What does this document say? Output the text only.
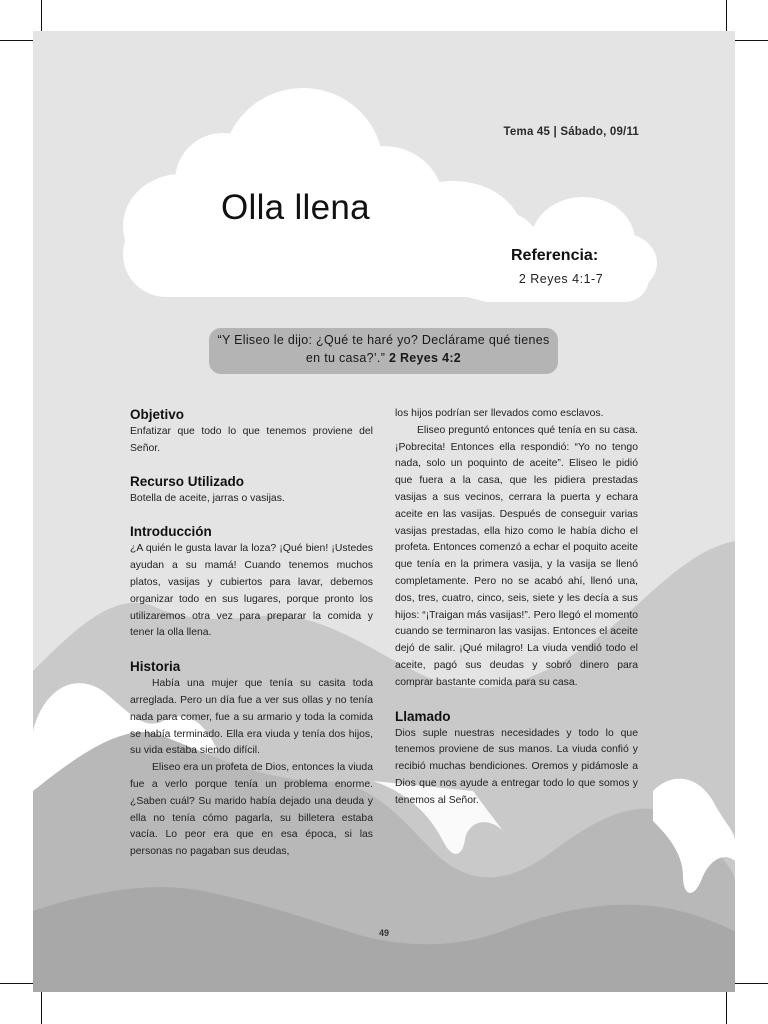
Tema 45 | Sábado, 09/11
Olla llena
Referencia:
2 Reyes 4:1-7
“Y Eliseo le dijo: ¿Qué te haré yo? Declárame qué tienes en tu casa?’.” 2 Reyes 4:2
Objetivo

Enfatizar que todo lo que tenemos proviene del Señor.

Recurso Utilizado

Botella de aceite, jarras o vasijas.

Introducción

¿A quién le gusta lavar la loza? ¡Qué bien! ¡Ustedes ayudan a su mamá! Cuando tenemos muchos platos, vasijas y cubiertos para lavar, debemos organizar todo en sus lugares, porque pronto los utilizaremos otra vez para preparar la comida y tener la olla llena.

Historia

Había una mujer que tenía su casita toda arreglada. Pero un día fue a ver sus ollas y no tenía nada para comer, fue a su armario y toda la comida se había terminado. Ella era viuda y tenía dos hijos, su vida estaba siendo difícil.

Eliseo era un profeta de Dios, entonces la viuda fue a verlo porque tenía un problema enorme. ¿Saben cuál? Su marido había dejado una deuda y ella no tenía cómo pagarla, su billetera estaba vacía. Lo peor era que en esa época, si las personas no pagaban sus deudas,

los hijos podrían ser llevados como esclavos.

Eliseo preguntó entonces qué tenía en su casa. ¡Pobrecita! Entonces ella respondió: “Yo no tengo nada, solo un poquinto de aceite”. Eliseo le pidió que fuera a la casa, que les pidiera prestadas vasijas a sus vecinos, cerrara la puerta y echara aceite en las vasijas. Después de conseguir varias vasijas prestadas, ella hizo como le había dicho el profeta. Entonces comenzó a echar el poquito aceite que tenía en la primera vasija, y la vasija se llenó completamente. Pero no se acabó ahí, llenó una, dos, tres, cuatro, cinco, seis, siete y les decía a sus hijos: “¡Traigan más vasijas!”. Pero llegó el momento cuando se terminaron las vasijas. Entonces el aceite dejó de salir. ¡Qué milagro! La viuda vendió todo el aceite, pagó sus deudas y sobró dinero para comprar bastante comida para su casa.

Llamado

Dios suple nuestras necesidades y todo lo que tenemos proviene de sus manos. La viuda confió y recibió muchas bendiciones. Oremos y pidámosle a Dios que nos ayude a entregar todo lo que somos y tenemos al Señor.

49
